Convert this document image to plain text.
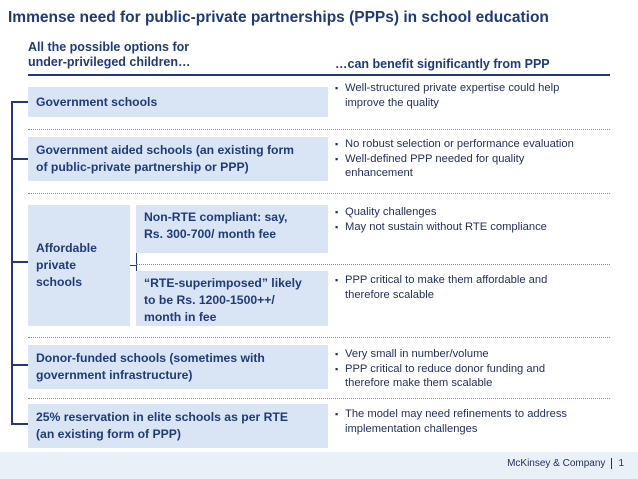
Immense need for public-private partnerships (PPPs) in school education
All the possible options for
under-privileged children…	…can benefit significantly from PPP
Government schools
▪ Well-structured private expertise could help
improve the quality
Government aided schools (an existing form
of public-private partnership or PPP)
▪ No robust selection or performance evaluation
▪ Well-defined PPP needed for quality
enhancement
Affordable
private
schools
Non-RTE compliant: say,
Rs. 300-700/ month fee
▪ Quality challenges
▪ May not sustain without RTE compliance
“RTE-superimposed” likely
to be Rs. 1200-1500++/
month in fee
▪ PPP critical to make them affordable and
therefore scalable
Donor-funded schools (sometimes with
government infrastructure)
▪ Very small in number/volume
▪ PPP critical to reduce donor funding and
therefore make them scalable
25% reservation in elite schools as per RTE
(an existing form of PPP)
▪ The model may need refinements to address
implementation challenges
McKinsey & Company 1
